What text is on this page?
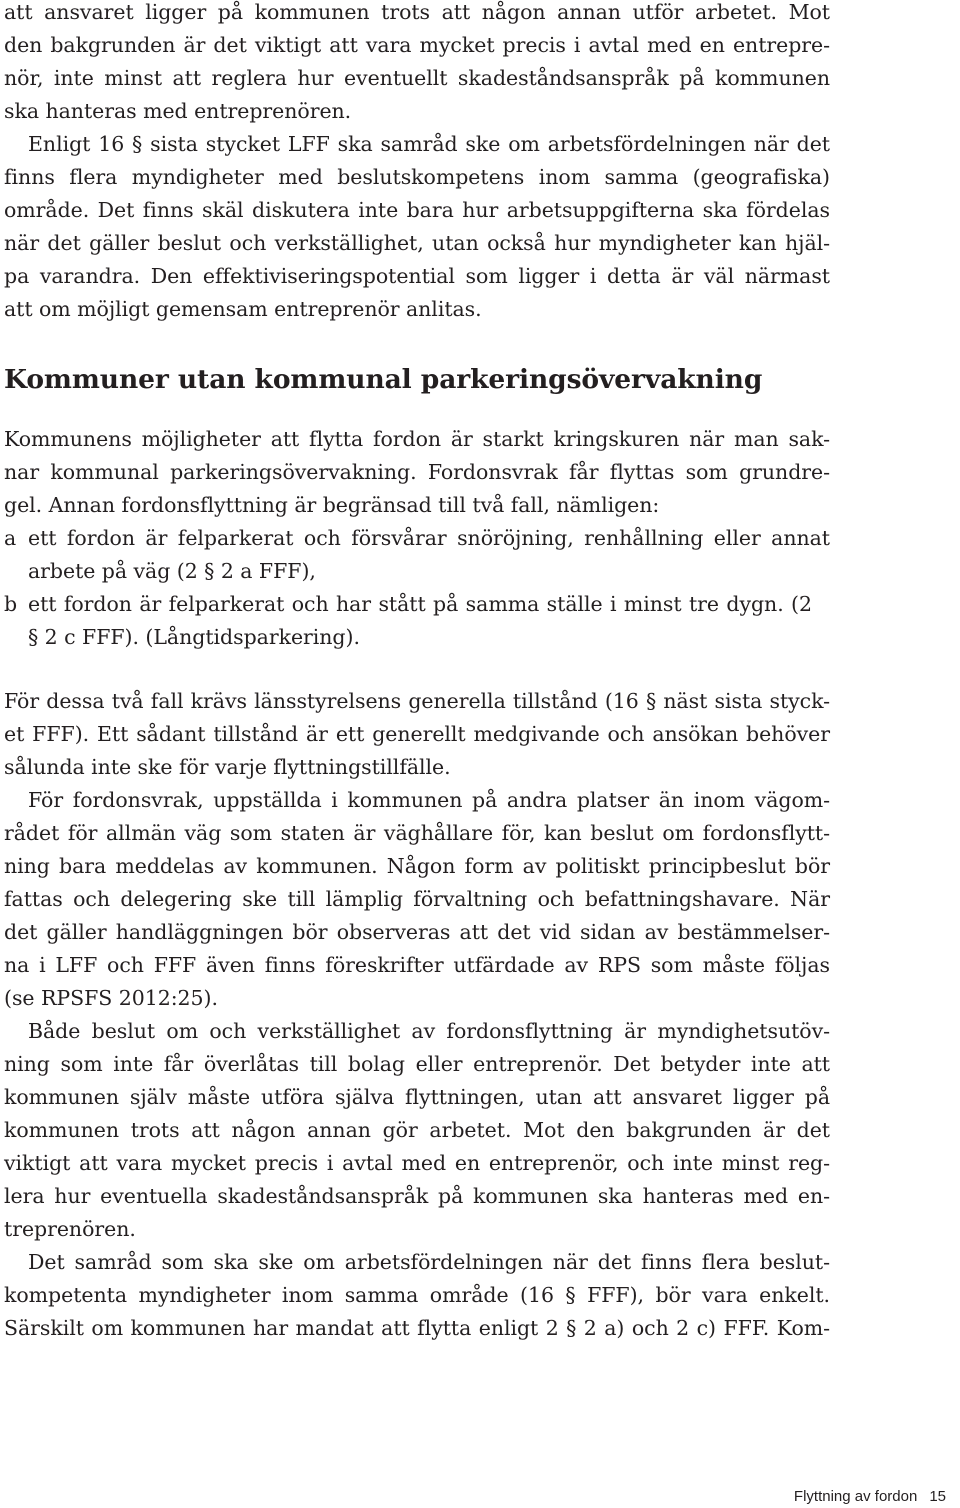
att ansvaret ligger på kommunen trots att någon annan utför arbetet. Mot
den bakgrunden är det viktigt att vara mycket precis i avtal med en entrepre-
nör, inte minst att reglera hur eventuellt skadeståndsanspråk på kommunen
ska hanteras med entreprenören.
Enligt 16 § sista stycket LFF ska samråd ske om arbetsfördelningen när det
finns flera myndigheter med beslutskompetens inom samma (geografiska)
område. Det finns skäl diskutera inte bara hur arbetsuppgifterna ska fördelas
när det gäller beslut och verkställighet, utan också hur myndigheter kan hjäl-
pa varandra. Den effektiviseringspotential som ligger i detta är väl närmast
att om möjligt gemensam entreprenör anlitas.
Kommuner utan kommunal parkeringsövervakning
Kommunens möjligheter att flytta fordon är starkt kringskuren när man sak-
nar kommunal parkeringsövervakning. Fordonsvrak får flyttas som grundre-
gel. Annan fordonsflyttning är begränsad till två fall, nämligen:
a ett fordon är felparkerat och försvårar snöröjning, renhållning eller annat
arbete på väg (2 § 2 a FFF),
b ett fordon är felparkerat och har stått på samma ställe i minst tre dygn. (2
§ 2 c FFF). (Långtidsparkering).
För dessa två fall krävs länsstyrelsens generella tillstånd (16 § näst sista styck-
et FFF). Ett sådant tillstånd är ett generellt medgivande och ansökan behöver
sålunda inte ske för varje flyttningstillfälle.
För fordonsvrak, uppställda i kommunen på andra platser än inom vägom-
rådet för allmän väg som staten är väghållare för, kan beslut om fordonsflytt-
ning bara meddelas av kommunen. Någon form av politiskt principbeslut bör
fattas och delegering ske till lämplig förvaltning och befattningshavare. När
det gäller handläggningen bör observeras att det vid sidan av bestämmelser-
na i LFF och FFF även finns föreskrifter utfärdade av RPS som måste följas
(se RPSFS 2012:25).
Både beslut om och verkställighet av fordonsflyttning är myndighetsutöv-
ning som inte får överlåtas till bolag eller entreprenör. Det betyder inte att
kommunen själv måste utföra själva flyttningen, utan att ansvaret ligger på
kommunen trots att någon annan gör arbetet. Mot den bakgrunden är det
viktigt att vara mycket precis i avtal med en entreprenör, och inte minst reg-
lera hur eventuella skadeståndsanspråk på kommunen ska hanteras med en-
treprenören.
Det samråd som ska ske om arbetsfördelningen när det finns flera beslut-
kompetenta myndigheter inom samma område (16 § FFF), bör vara enkelt.
Särskilt om kommunen har mandat att flytta enligt 2 § 2 a) och 2 c) FFF. Kom-
Flyttning av fordon 15
